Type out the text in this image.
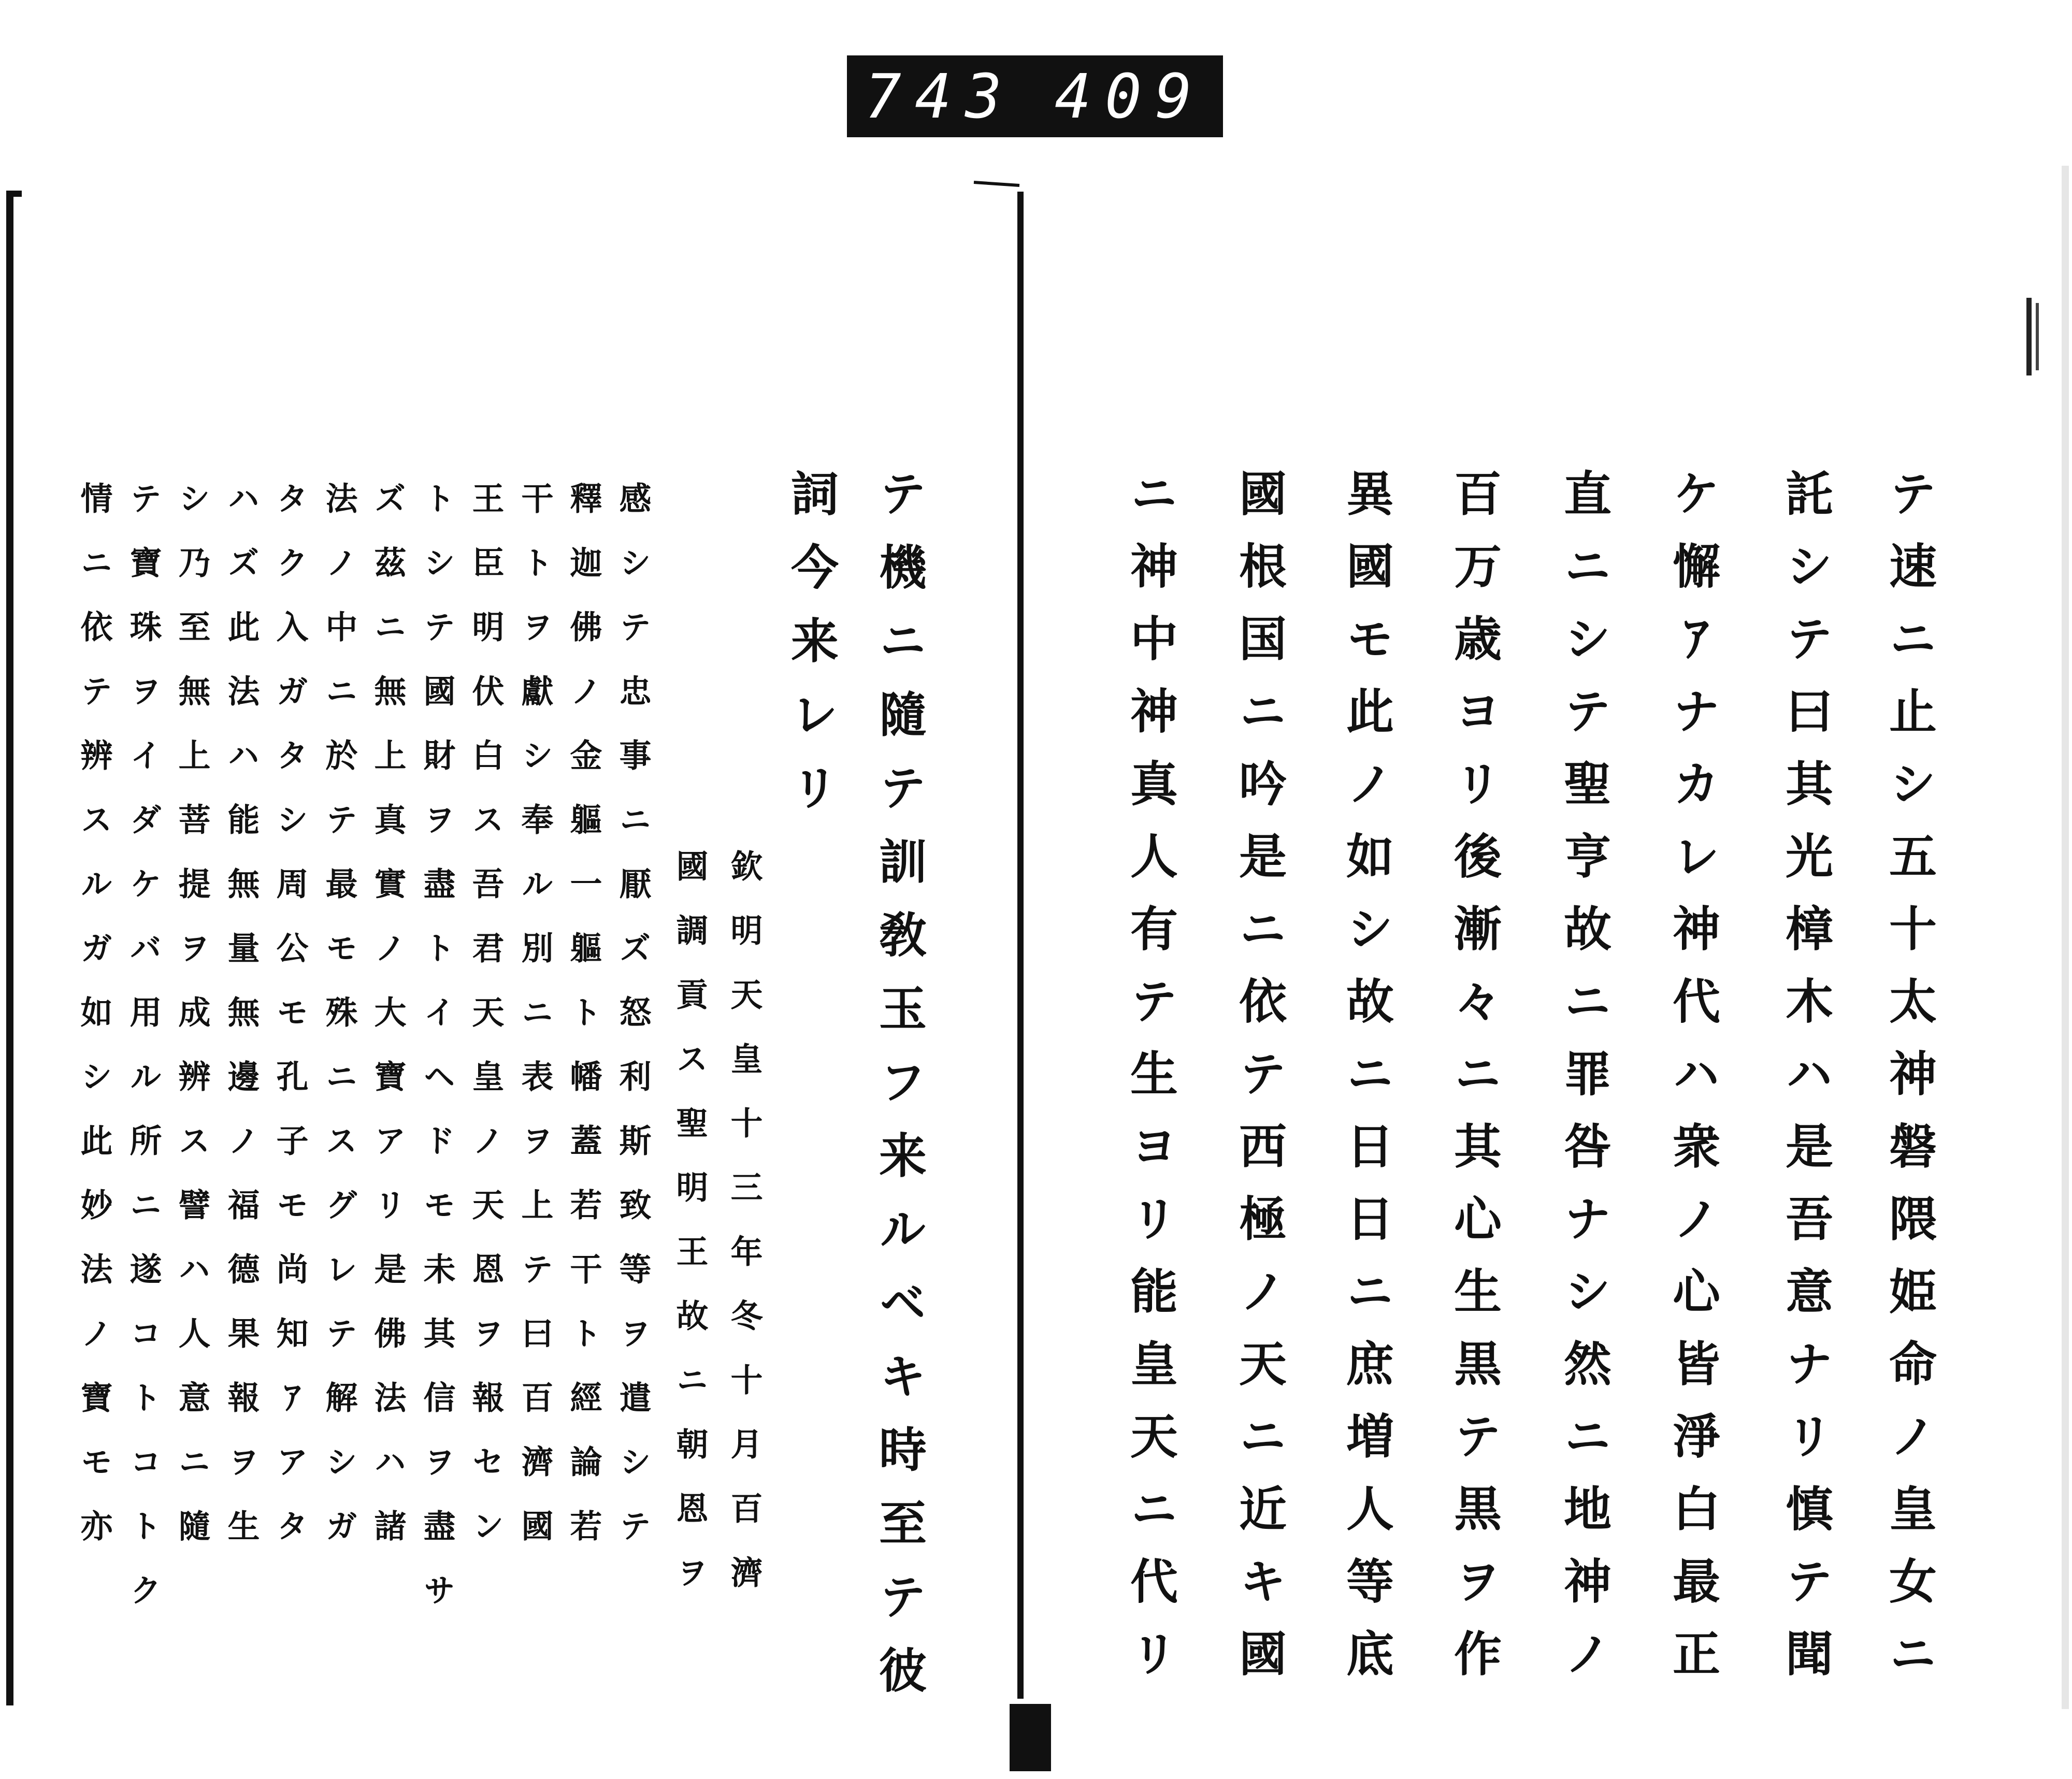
743 409
テ速ニ止シ五十太神磐隈姫命ノ皇女ニ
託シテ曰其光樟木ハ是吾意ナリ慎テ聞
ケ懈ｱナカレ神代ハ衆ノ心皆淨白最正
直ニシテ聖亨故ニ罪咎ナシ然ニ地神ノ
百万歳ヨリ後漸々ニ其心生黒テ黒ヲ作
異國モ此ノ如シ故ニ日日ニ庶増人等底
國根国ニ吟是ニ依テ西極ノ天ニ近キ國
ニ神中神真人有テ生ヨリ能皇天ニ代リ
テ機ニ隨テ訓敎玉フ来ルベキ時至テ彼
詞今来レリ
欽明天皇十三年冬十月百濟
國調貢ス聖明王故ニ朝恩ヲ
感シテ忠事ニ厭ズ怒利斯致等ヲ遣シテ
釋迦佛ノ金軀一軀ト幡蓋若干ト經論若
干トヲ獻シ奉ル別ニ表ヲ上テ曰百濟國
王臣明伏白ス吾君天皇ノ天恩ヲ報セン
トシテ國財ヲ盡トイヘドモ未其信ヲ盡サ
ズ茲ニ無上真實ノ大寶アリ是佛法ハ諸
法ノ中ニ於テ最モ殊ニスグレテ解シガ
タク入ガタシ周公モ孔子モ尚知ｱアタ
ハズ此法ハ能無量無邊ノ福德果報ヲ生
シ乃至無上菩提ヲ成辨ス譬ハ人意ニ隨
テ寶珠ヲイダケバ用ル所ニ遂コトコトク
情ニ依テ辨スルガ如シ此妙法ノ寶モ亦
